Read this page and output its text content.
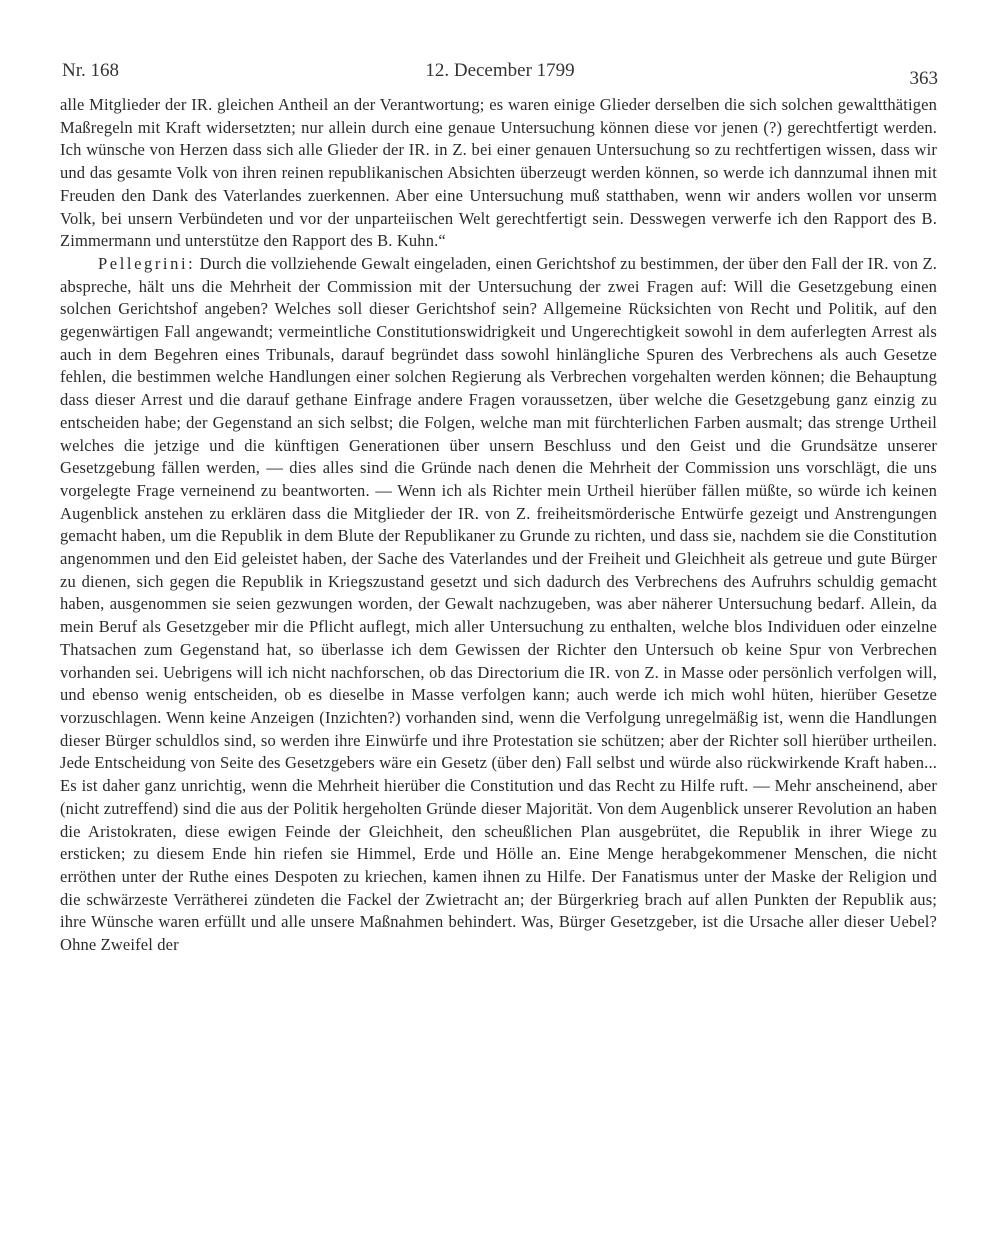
Nr. 168	12. December 1799	363

alle Mitglieder der IR. gleichen Antheil an der Verantwortung; es waren einige Glieder derselben die sich solchen gewaltthätigen Maßregeln mit Kraft widersetzten; nur allein durch eine genaue Untersuchung können diese vor jenen (?) gerechtfertigt werden. Ich wünsche von Herzen dass sich alle Glieder der IR. in Z. bei einer genauen Untersuchung so zu rechtfertigen wissen, dass wir und das gesamte Volk von ihren reinen republikanischen Absichten überzeugt werden können, so werde ich dannzumal ihnen mit Freuden den Dank des Vaterlandes zuerkennen. Aber eine Untersuchung muß statthaben, wenn wir anders wollen vor unserm Volk, bei unsern Verbündeten und vor der unparteiischen Welt gerechtfertigt sein. Desswegen verwerfe ich den Rapport des B. Zimmermann und unterstütze den Rapport des B. Kuhn.“

Pellegrini: Durch die vollziehende Gewalt eingeladen, einen Gerichtshof zu bestimmen, der über den Fall der IR. von Z. abspreche, hält uns die Mehrheit der Commission mit der Untersuchung der zwei Fragen auf: Will die Gesetzgebung einen solchen Gerichtshof angeben? Welches soll dieser Gerichtshof sein? Allgemeine Rücksichten von Recht und Politik, auf den gegenwärtigen Fall angewandt; vermeintliche Constitutionswidrigkeit und Ungerechtigkeit sowohl in dem auferlegten Arrest als auch in dem Begehren eines Tribunals, darauf begründet dass sowohl hinlängliche Spuren des Verbrechens als auch Gesetze fehlen, die bestimmen welche Handlungen einer solchen Regierung als Verbrechen vorgehalten werden können; die Behauptung dass dieser Arrest und die darauf gethane Einfrage andere Fragen voraussetzen, über welche die Gesetzgebung ganz einzig zu entscheiden habe; der Gegenstand an sich selbst; die Folgen, welche man mit fürchterlichen Farben ausmalt; das strenge Urtheil welches die jetzige und die künftigen Generationen über unsern Beschluss und den Geist und die Grundsätze unserer Gesetzgebung fällen werden, — dies alles sind die Gründe nach denen die Mehrheit der Commission uns vorschlägt, die uns vorgelegte Frage verneinend zu beantworten. — Wenn ich als Richter mein Urtheil hierüber fällen müßte, so würde ich keinen Augenblick anstehen zu erklären dass die Mitglieder der IR. von Z. freiheitsmörderische Entwürfe gezeigt und Anstrengungen gemacht haben, um die Republik in dem Blute der Republikaner zu Grunde zu richten, und dass sie, nachdem sie die Constitution angenommen und den Eid geleistet haben, der Sache des Vaterlandes und der Freiheit und Gleichheit als getreue und gute Bürger zu dienen, sich gegen die Republik in Kriegszustand gesetzt und sich dadurch des Verbrechens des Aufruhrs schuldig gemacht haben, ausgenommen sie seien gezwungen worden, der Gewalt nachzugeben, was aber näherer Untersuchung bedarf. Allein, da mein Beruf als Gesetzgeber mir die Pflicht auflegt, mich aller Untersuchung zu enthalten, welche blos Individuen oder einzelne Thatsachen zum Gegenstand hat, so überlasse ich dem Gewissen der Richter den Untersuch ob keine Spur von Verbrechen vorhanden sei. Uebrigens will ich nicht nachforschen, ob das Directorium die IR. von Z. in Masse oder persönlich verfolgen will, und ebenso wenig entscheiden, ob es dieselbe in Masse verfolgen kann; auch werde ich mich wohl hüten, hierüber Gesetze vorzuschlagen. Wenn keine Anzeigen (Inzichten?) vorhanden sind, wenn die Verfolgung unregelmäßig ist, wenn die Handlungen dieser Bürger schuldlos sind, so werden ihre Einwürfe und ihre Protestation sie schützen; aber der Richter soll hierüber urtheilen. Jede Entscheidung von Seite des Gesetzgebers wäre ein Gesetz (über den) Fall selbst und würde also rückwirkende Kraft haben... Es ist daher ganz unrichtig, wenn die Mehrheit hierüber die Constitution und das Recht zu Hilfe ruft. — Mehr anscheinend, aber (nicht zutreffend) sind die aus der Politik hergeholten Gründe dieser Majorität. Von dem Augenblick unserer Revolution an haben die Aristokraten, diese ewigen Feinde der Gleichheit, den scheußlichen Plan ausgebrütet, die Republik in ihrer Wiege zu ersticken; zu diesem Ende hin riefen sie Himmel, Erde und Hölle an. Eine Menge herabgekommener Menschen, die nicht erröthen unter der Ruthe eines Despoten zu kriechen, kamen ihnen zu Hilfe. Der Fanatismus unter der Maske der Religion und die schwärzeste Verrätherei zündeten die Fackel der Zwietracht an; der Bürgerkrieg brach auf allen Punkten der Republik aus; ihre Wünsche waren erfüllt und alle unsere Maßnahmen behindert. Was, Bürger Gesetzgeber, ist die Ursache aller dieser Uebel? Ohne Zweifel der
